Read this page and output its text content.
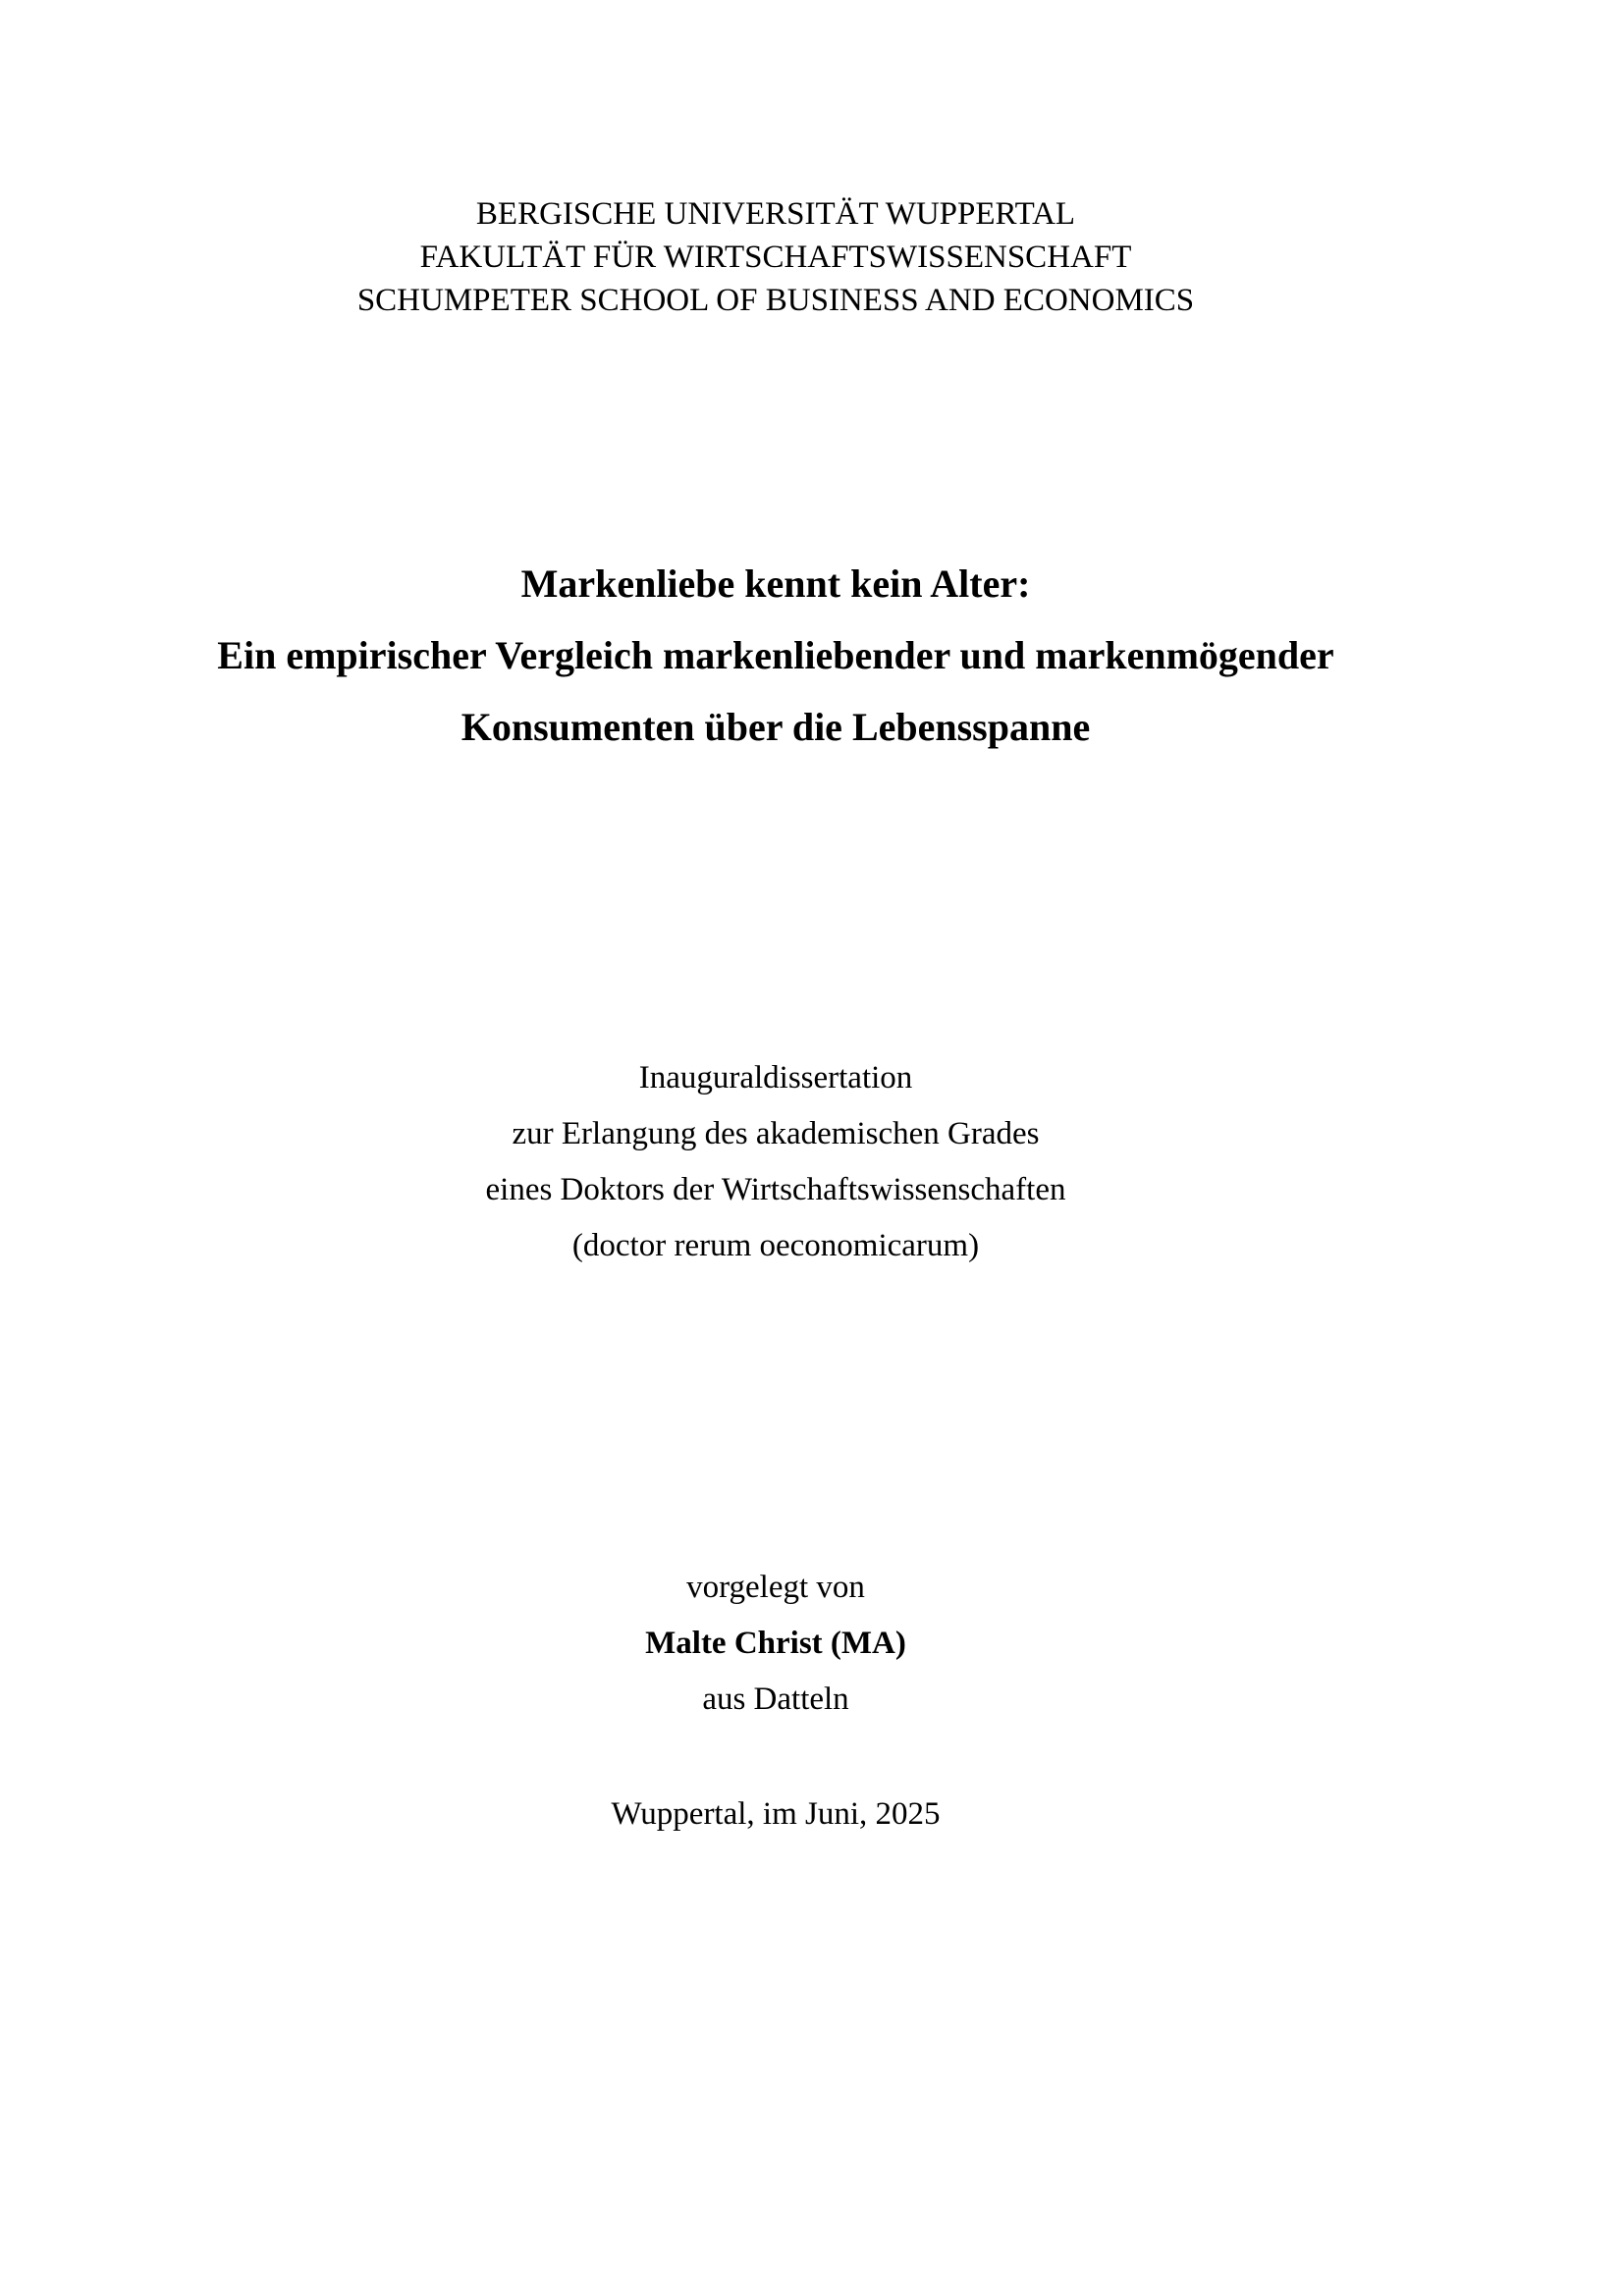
BERGISCHE UNIVERSITÄT WUPPERTAL
FAKULTÄT FÜR WIRTSCHAFTSWISSENSCHAFT
SCHUMPETER SCHOOL OF BUSINESS AND ECONOMICS
Markenliebe kennt kein Alter:
Ein empirischer Vergleich markenliebender und markenmögender
Konsumenten über die Lebensspanne
Inauguraldissertation
zur Erlangung des akademischen Grades
eines Doktors der Wirtschaftswissenschaften
(doctor rerum oeconomicarum)
vorgelegt von
Malte Christ (MA)
aus Datteln
Wuppertal, im Juni, 2025
